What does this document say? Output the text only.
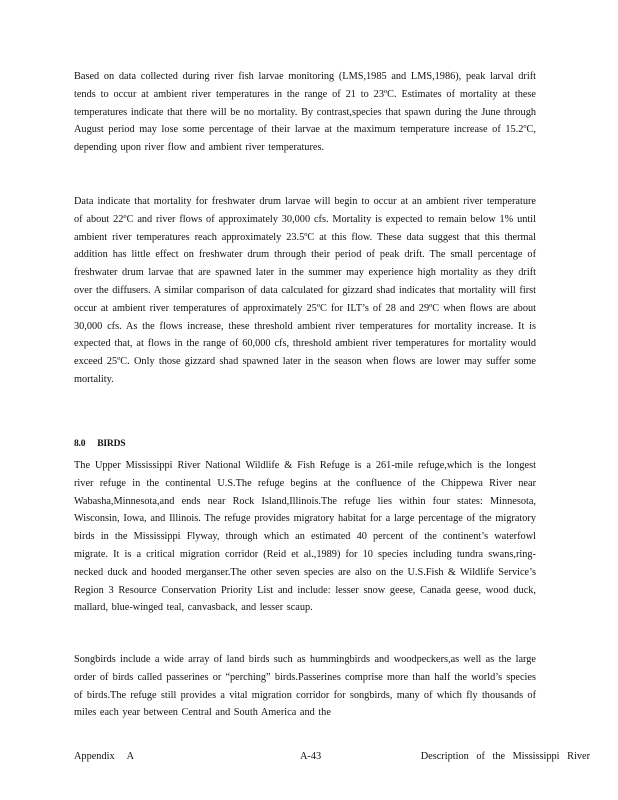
Based on data collected during river fish larvae monitoring (LMS,1985 and LMS,1986), peak larval drift tends to occur at ambient river temperatures in the range of 21 to 23ºC. Estimates of mortality at these temperatures indicate that there will be no mortality. By contrast,species that spawn during the June through August period may lose some percentage of their larvae at the maximum temperature increase of 15.2ºC, depending upon river flow and ambient river temperatures.

Data indicate that mortality for freshwater drum larvae will begin to occur at an ambient river temperature of about 22ºC and river flows of approximately 30,000 cfs. Mortality is expected to remain below 1% until ambient river temperatures reach approximately 23.5ºC at this flow. These data suggest that this thermal addition has little effect on freshwater drum through their period of peak drift. The small percentage of freshwater drum larvae that are spawned later in the summer may experience high mortality as they drift over the diffusers. A similar comparison of data calculated for gizzard shad indicates that mortality will first occur at ambient river temperatures of approximately 25ºC for ILT’s of 28 and 29ºC when flows are about 30,000 cfs. As the flows increase, these threshold ambient river temperatures for mortality increase. It is expected that, at flows in the range of 60,000 cfs, threshold ambient river temperatures for mortality would exceed 25ºC. Only those gizzard shad spawned later in the season when flows are lower may suffer some mortality.

8.0 BIRDS

The Upper Mississippi River National Wildlife & Fish Refuge is a 261-mile refuge,which is the longest river refuge in the continental U.S.The refuge begins at the confluence of the Chippewa River near Wabasha,Minnesota,and ends near Rock Island,Illinois.The refuge lies within four states: Minnesota, Wisconsin, Iowa, and Illinois. The refuge provides migratory habitat for a large percentage of the migratory birds in the Mississippi Flyway, through which an estimated 40 percent of the continent’s waterfowl migrate. It is a critical migration corridor (Reid et al.,1989) for 10 species including tundra swans,ring-necked duck and hooded merganser.The other seven species are also on the U.S.Fish & Wildlife Service’s Region 3 Resource Conservation Priority List and include: lesser snow geese, Canada geese, wood duck, mallard, blue-winged teal, canvasback, and lesser scaup.

Songbirds include a wide array of land birds such as hummingbirds and woodpeckers,as well as the large order of birds called passerines or “perching” birds.Passerines comprise more than half the world’s species of birds.The refuge still provides a vital migration corridor for songbirds, many of which fly thousands of miles each year between Central and South America and the

Appendix A	A-43	Description of the Mississippi River
